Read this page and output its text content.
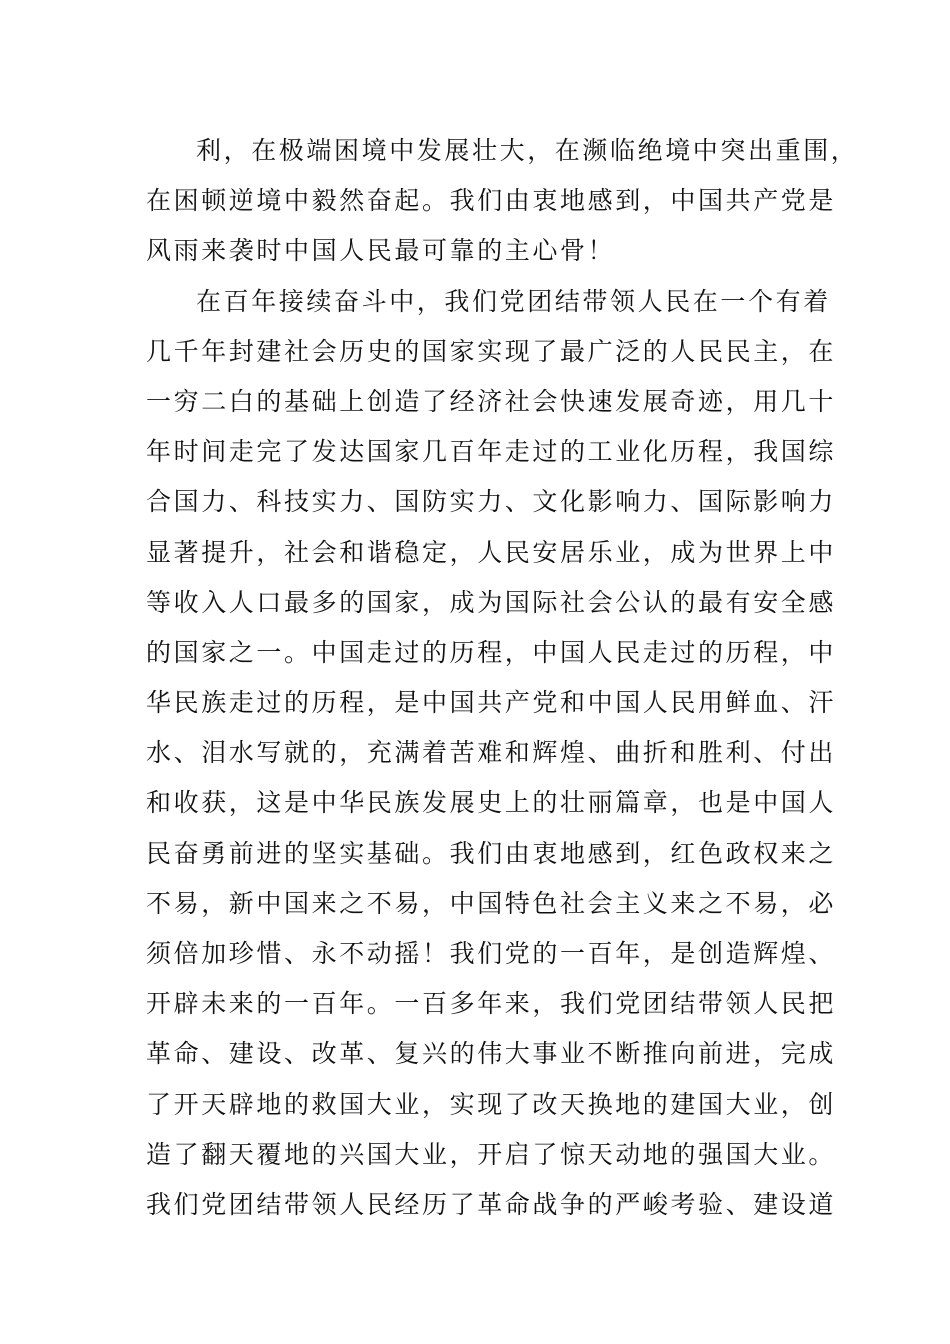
利，在极端困境中发展壮大，在濒临绝境中突出重围，
在困顿逆境中毅然奋起。我们由衷地感到，中国共产党是
风雨来袭时中国人民最可靠的主心骨！
在百年接续奋斗中，我们党团结带领人民在一个有着
几千年封建社会历史的国家实现了最广泛的人民民主，在
一穷二白的基础上创造了经济社会快速发展奇迹，用几十
年时间走完了发达国家几百年走过的工业化历程，我国综
合国力、科技实力、国防实力、文化影响力、国际影响力
显著提升，社会和谐稳定，人民安居乐业，成为世界上中
等收入人口最多的国家，成为国际社会公认的最有安全感
的国家之一。中国走过的历程，中国人民走过的历程，中
华民族走过的历程，是中国共产党和中国人民用鲜血、汗
水、泪水写就的，充满着苦难和辉煌、曲折和胜利、付出
和收获，这是中华民族发展史上的壮丽篇章，也是中国人
民奋勇前进的坚实基础。我们由衷地感到，红色政权来之
不易，新中国来之不易，中国特色社会主义来之不易，必
须倍加珍惜、永不动摇！我们党的一百年，是创造辉煌、
开辟未来的一百年。一百多年来，我们党团结带领人民把
革命、建设、改革、复兴的伟大事业不断推向前进，完成
了开天辟地的救国大业，实现了改天换地的建国大业，创
造了翻天覆地的兴国大业，开启了惊天动地的强国大业。
我们党团结带领人民经历了革命战争的严峻考验、建设道
